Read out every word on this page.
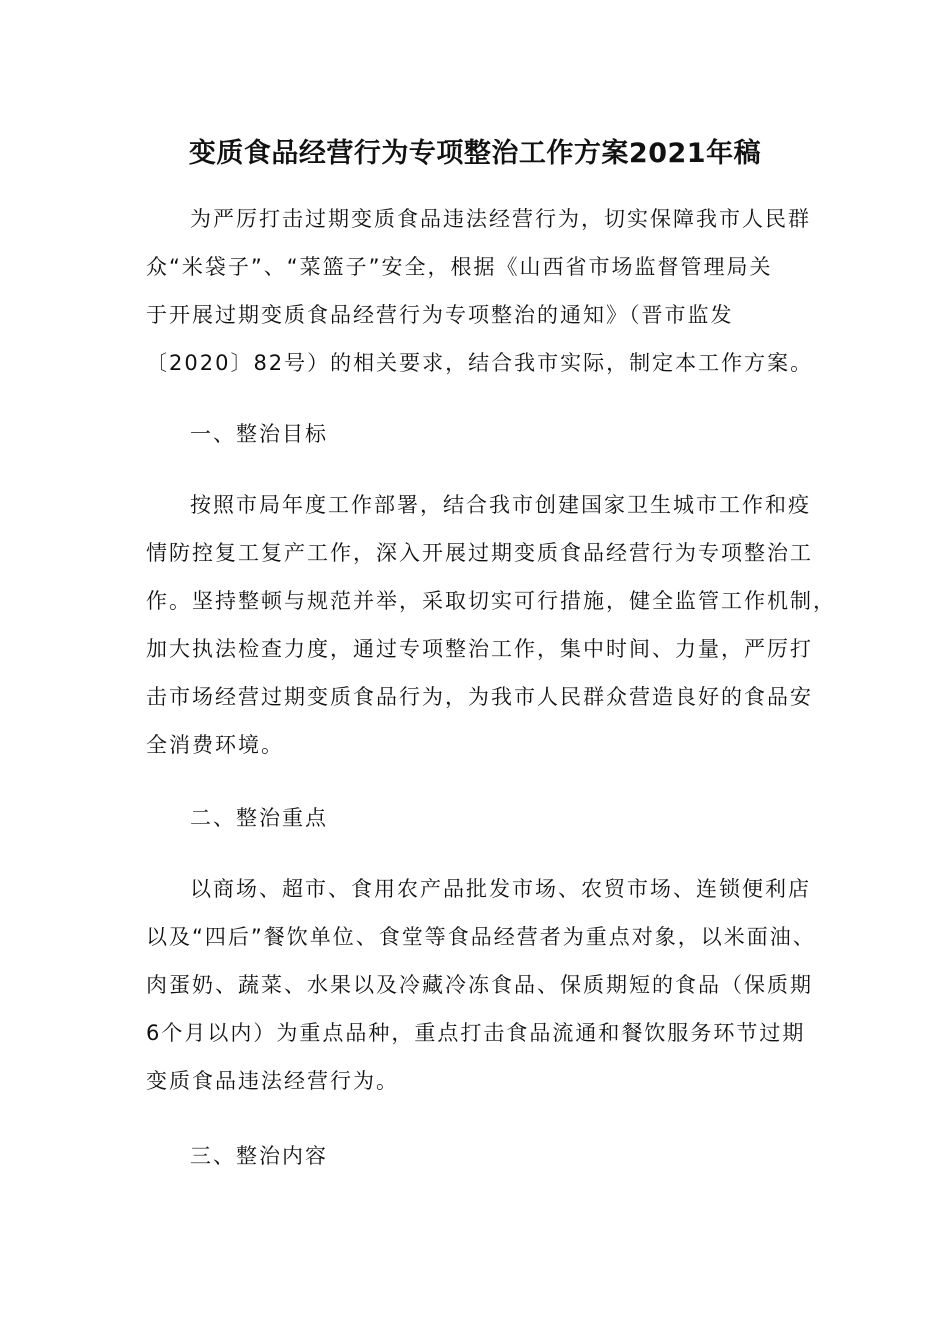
变质食品经营行为专项整治工作方案2021年稿
为严厉打击过期变质食品违法经营行为，切实保障我市人民群
众“米袋子”、“菜篮子”安全，根据《山西省市场监督管理局关
于开展过期变质食品经营行为专项整治的通知》（晋市监发
〔2020〕82号）的相关要求，结合我市实际，制定本工作方案。
一、整治目标
按照市局年度工作部署，结合我市创建国家卫生城市工作和疫
情防控复工复产工作，深入开展过期变质食品经营行为专项整治工
作。坚持整顿与规范并举，采取切实可行措施，健全监管工作机制，
加大执法检查力度，通过专项整治工作，集中时间、力量，严厉打
击市场经营过期变质食品行为，为我市人民群众营造良好的食品安
全消费环境。
二、整治重点
以商场、超市、食用农产品批发市场、农贸市场、连锁便利店
以及“四后”餐饮单位、食堂等食品经营者为重点对象，以米面油、
肉蛋奶、蔬菜、水果以及冷藏冷冻食品、保质期短的食品（保质期
6个月以内）为重点品种，重点打击食品流通和餐饮服务环节过期
变质食品违法经营行为。
三、整治内容
